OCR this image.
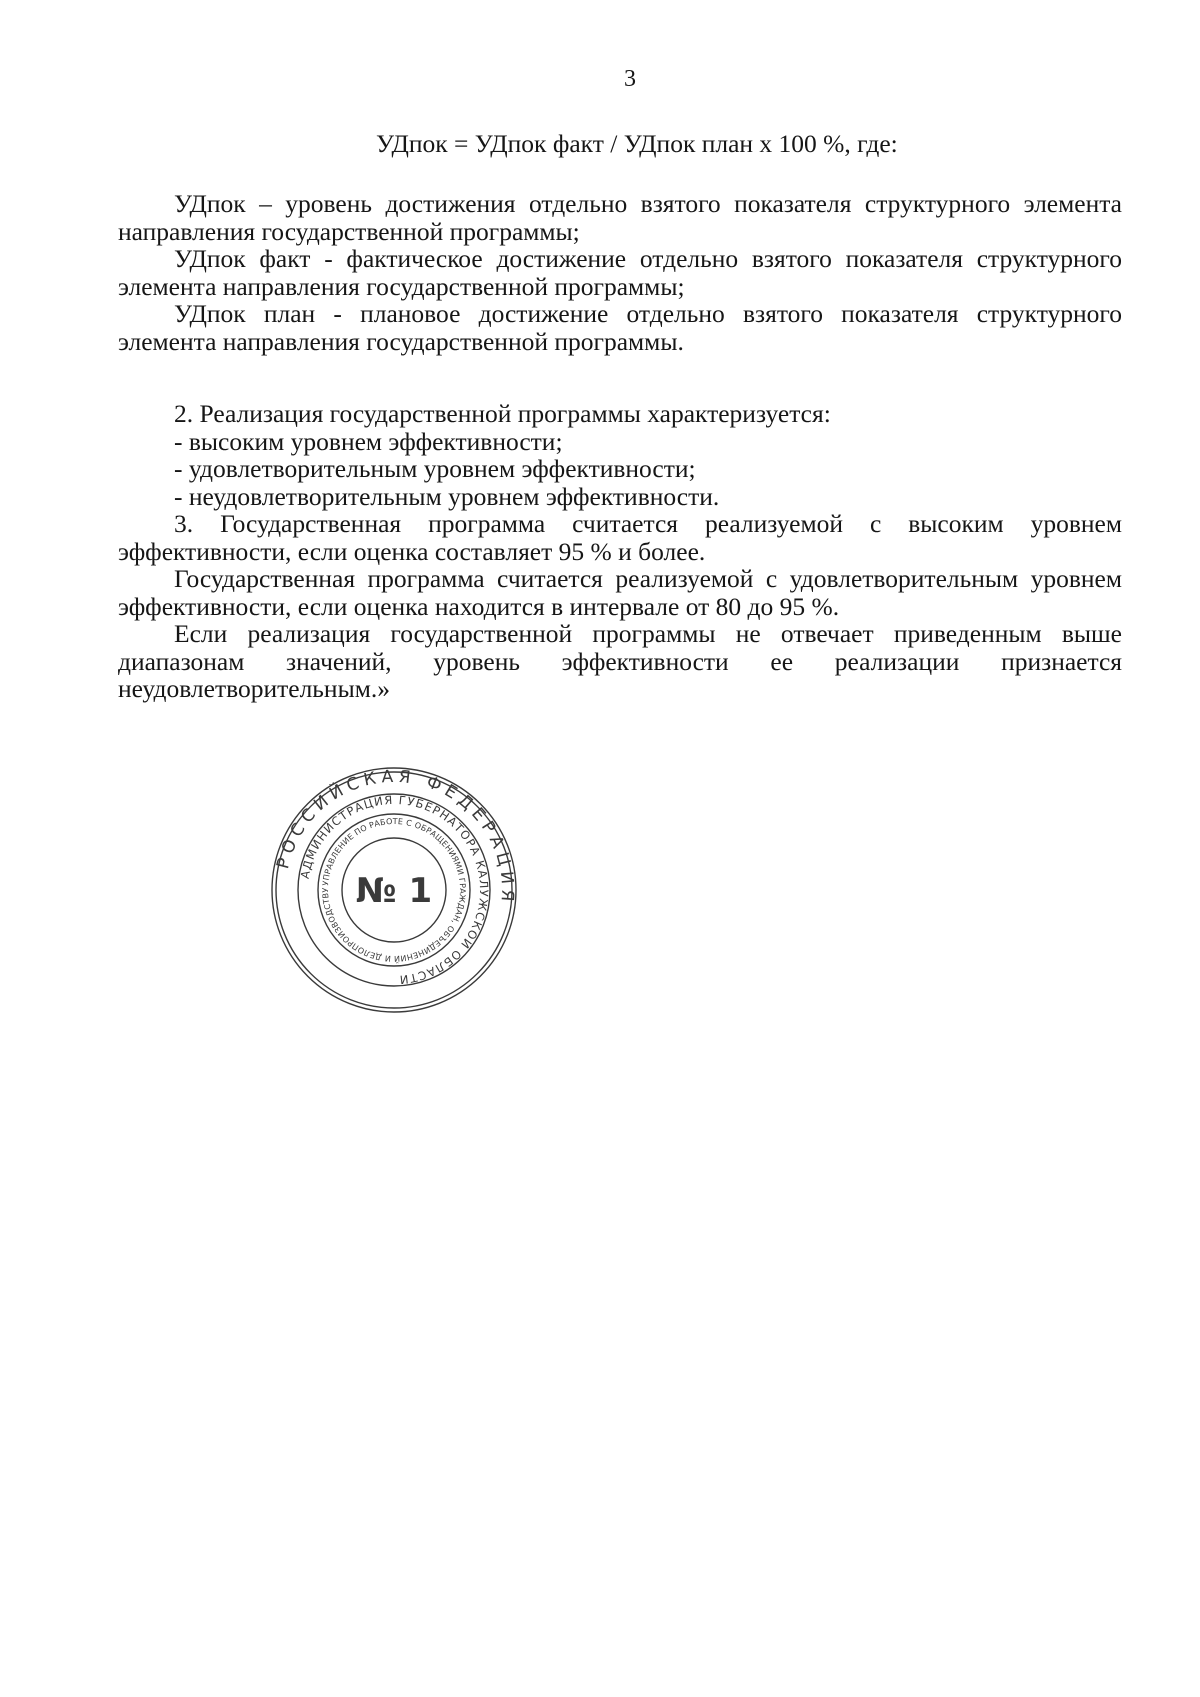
3
УДпок = УДпок факт / УДпок план x 100 %, где:

УДпок – уровень достижения отдельно взятого показателя структурного элемента направления государственной программы;

УДпок факт - фактическое достижение отдельно взятого показателя структурного элемента направления государственной программы;

УДпок план - плановое достижение отдельно взятого показателя структурного элемента направления государственной программы.

2. Реализация государственной программы характеризуется:

- высоким уровнем эффективности;

- удовлетворительным уровнем эффективности;

- неудовлетворительным уровнем эффективности.

3. Государственная программа считается реализуемой с высоким уровнем эффективности, если оценка составляет 95 % и более.

Государственная программа считается реализуемой с удовлетворительным уровнем эффективности, если оценка находится в интервале от 80 до 95 %.

Если реализация государственной программы не отвечает приведенным выше диапазонам значений, уровень эффективности ее реализации признается неудовлетворительным.»

РОССИЙСКАЯ ФЕДЕРАЦИЯ
АДМИНИСТРАЦИЯ ГУБЕРНАТОРА КАЛУЖСКОЙ ОБЛАСТИ
УПРАВЛЕНИЕ ПО РАБОТЕ С ОБРАЩЕНИЯМИ ГРАЖДАН, ОБЪЕДИНЕНИЙ И ДЕЛОПРОИЗВОДСТВУ № 1
